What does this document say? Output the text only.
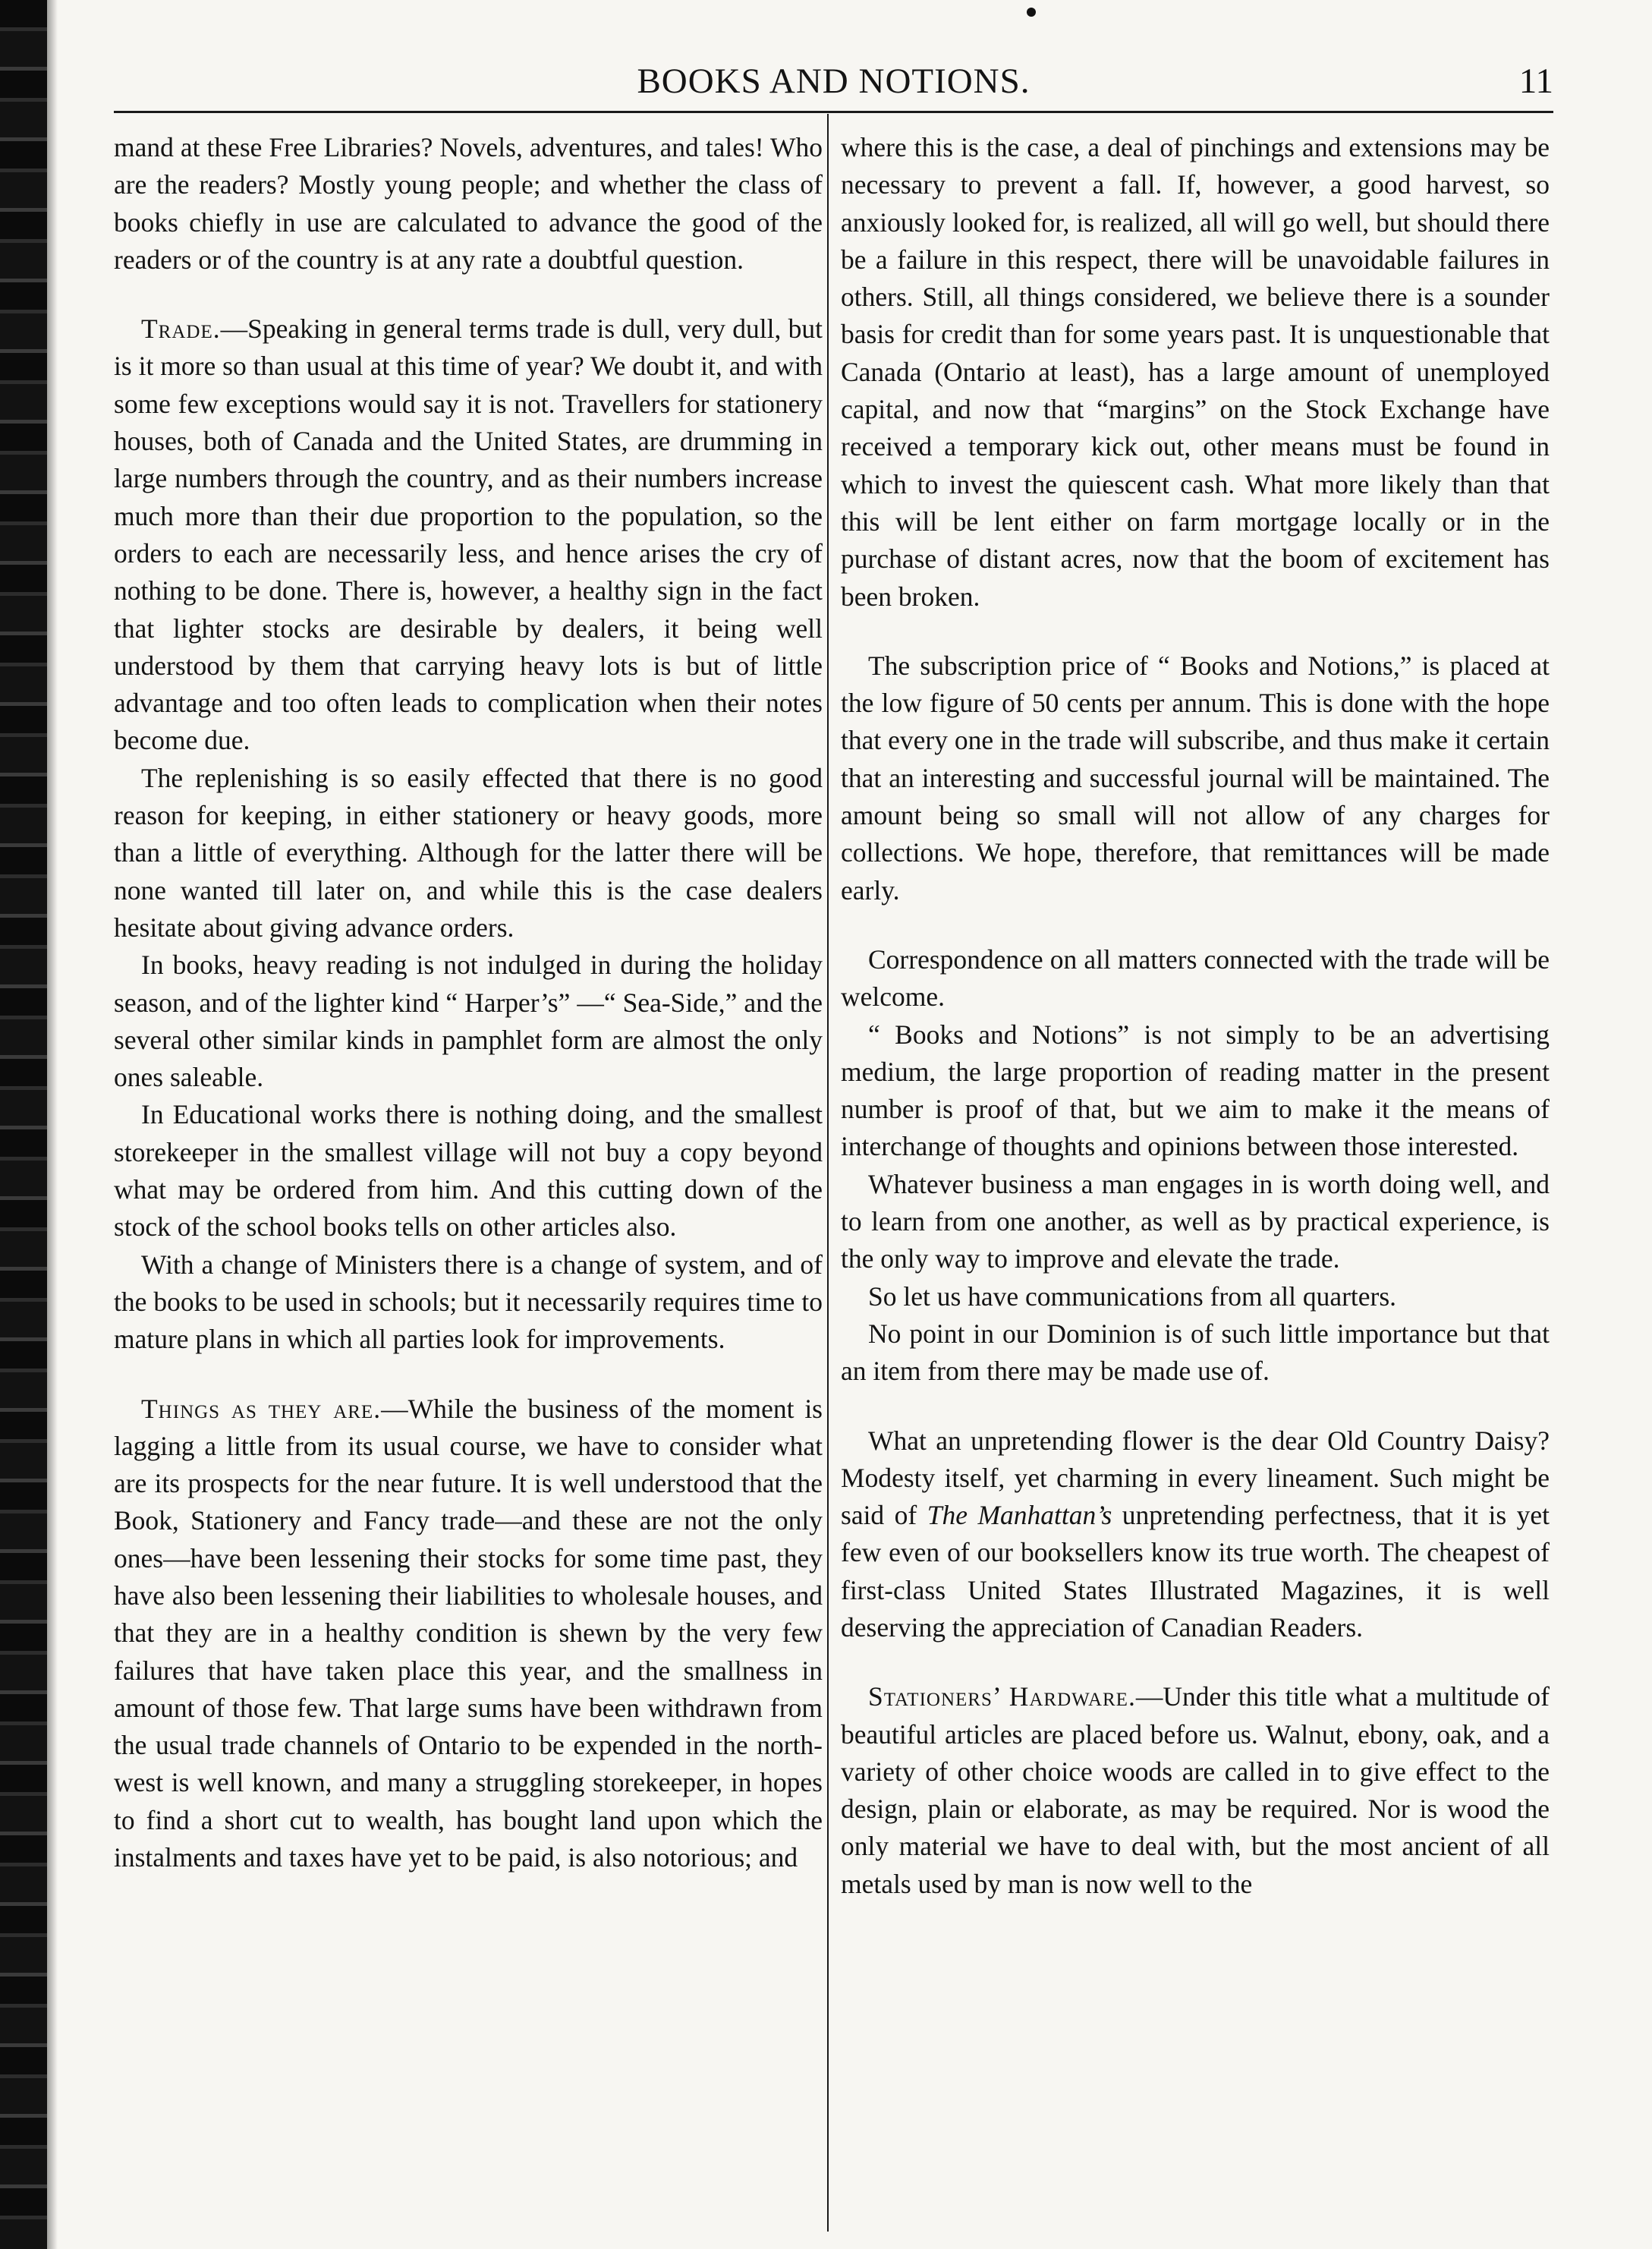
BOOKS AND NOTIONS.	11

mand at these Free Libraries? Novels, adventures, and tales! Who are the readers? Mostly young people; and whether the class of books chiefly in use are calculated to advance the good of the readers or of the country is at any rate a doubtful question.

Trade.—Speaking in general terms trade is dull, very dull, but is it more so than usual at this time of year? We doubt it, and with some few exceptions would say it is not. Travellers for stationery houses, both of Canada and the United States, are drumming in large numbers through the country, and as their numbers increase much more than their due proportion to the population, so the orders to each are necessarily less, and hence arises the cry of nothing to be done. There is, however, a healthy sign in the fact that lighter stocks are desirable by dealers, it being well understood by them that carrying heavy lots is but of little advantage and too often leads to complication when their notes become due.

The replenishing is so easily effected that there is no good reason for keeping, in either stationery or heavy goods, more than a little of everything. Although for the latter there will be none wanted till later on, and while this is the case dealers hesitate about giving advance orders.

In books, heavy reading is not indulged in during the holiday season, and of the lighter kind “ Harper’s” —“ Sea-Side,” and the several other similar kinds in pamphlet form are almost the only ones saleable.

In Educational works there is nothing doing, and the smallest storekeeper in the smallest village will not buy a copy beyond what may be ordered from him. And this cutting down of the stock of the school books tells on other articles also.

With a change of Ministers there is a change of system, and of the books to be used in schools; but it necessarily requires time to mature plans in which all parties look for improvements.

Things as they are.—While the business of the moment is lagging a little from its usual course, we have to consider what are its prospects for the near future. It is well understood that the Book, Stationery and Fancy trade—and these are not the only ones—have been lessening their stocks for some time past, they have also been lessening their liabilities to wholesale houses, and that they are in a healthy condition is shewn by the very few failures that have taken place this year, and the smallness in amount of those few. That large sums have been withdrawn from the usual trade channels of Ontario to be expended in the north-west is well known, and many a struggling storekeeper, in hopes to find a short cut to wealth, has bought land upon which the instalments and taxes have yet to be paid, is also notorious; and

where this is the case, a deal of pinchings and extensions may be necessary to prevent a fall. If, however, a good harvest, so anxiously looked for, is realized, all will go well, but should there be a failure in this respect, there will be unavoidable failures in others. Still, all things considered, we believe there is a sounder basis for credit than for some years past. It is unquestionable that Canada (Ontario at least), has a large amount of unemployed capital, and now that “margins” on the Stock Exchange have received a temporary kick out, other means must be found in which to invest the quiescent cash. What more likely than that this will be lent either on farm mortgage locally or in the purchase of distant acres, now that the boom of excitement has been broken.

The subscription price of “ Books and Notions,” is placed at the low figure of 50 cents per annum. This is done with the hope that every one in the trade will subscribe, and thus make it certain that an interesting and successful journal will be maintained. The amount being so small will not allow of any charges for collections. We hope, therefore, that remittances will be made early.

Correspondence on all matters connected with the trade will be welcome.

“ Books and Notions” is not simply to be an advertising medium, the large proportion of reading matter in the present number is proof of that, but we aim to make it the means of interchange of thoughts and opinions between those interested.

Whatever business a man engages in is worth doing well, and to learn from one another, as well as by practical experience, is the only way to improve and elevate the trade.

So let us have communications from all quarters.

No point in our Dominion is of such little importance but that an item from there may be made use of.

What an unpretending flower is the dear Old Country Daisy? Modesty itself, yet charming in every lineament. Such might be said of The Manhattan’s unpretending perfectness, that it is yet few even of our booksellers know its true worth. The cheapest of first-class United States Illustrated Magazines, it is well deserving the appreciation of Canadian Readers.

Stationers’ Hardware.—Under this title what a multitude of beautiful articles are placed before us. Walnut, ebony, oak, and a variety of other choice woods are called in to give effect to the design, plain or elaborate, as may be required. Nor is wood the only material we have to deal with, but the most ancient of all metals used by man is now well to the
